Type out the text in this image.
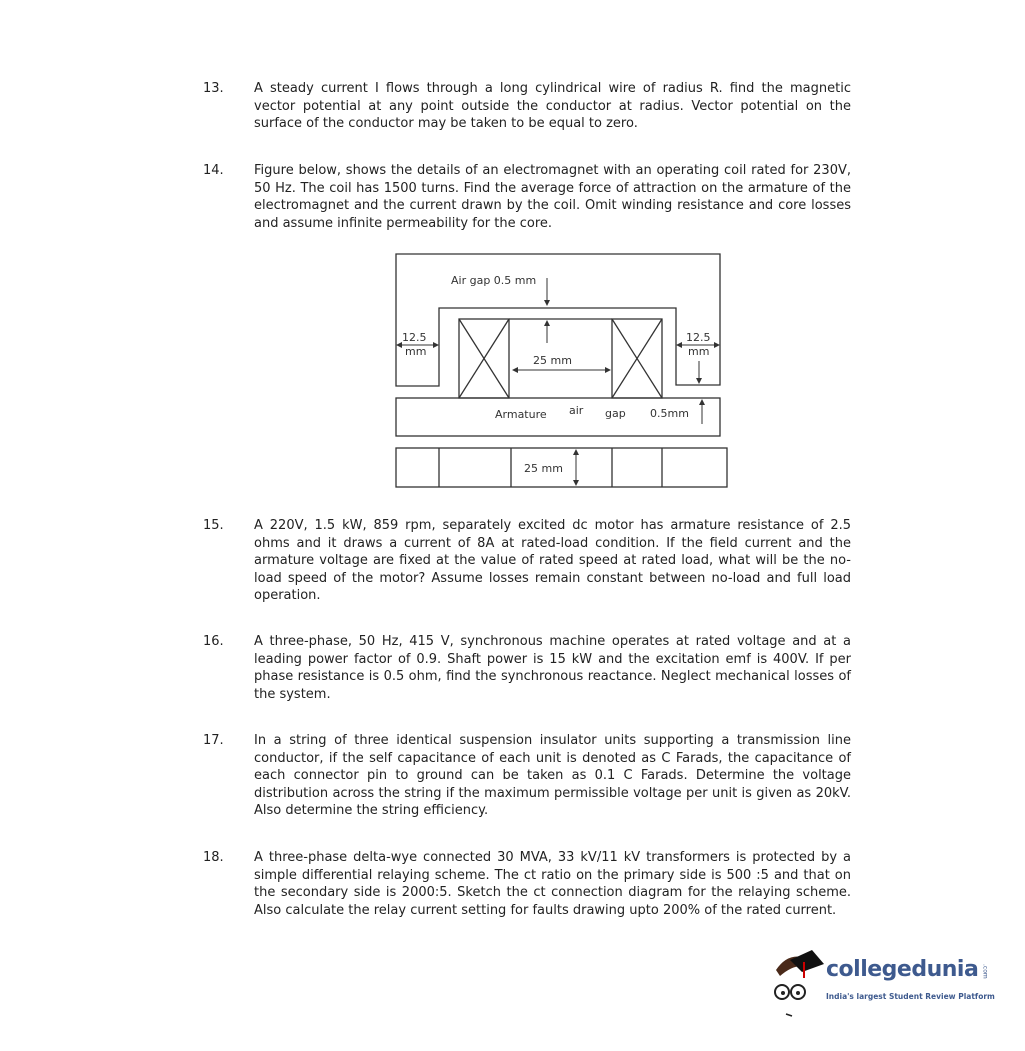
13. A steady current I flows through a long cylindrical wire of radius R. find the magnetic vector potential at any point outside the conductor at radius. Vector potential on the surface of the conductor may be taken to be equal to zero.
14. Figure below, shows the details of an electromagnet with an operating coil rated for 230V, 50 Hz. The coil has 1500 turns. Find the average force of attraction on the armature of the electromagnet and the current drawn by the coil. Omit winding resistance and core losses and assume infinite permeability for the core.
Air gap 0.5 mm
12.5
mm
12.5
mm
25 mm
Armature air gap 0.5mm
25 mm
15. A 220V, 1.5 kW, 859 rpm, separately excited dc motor has armature resistance of 2.5 ohms and it draws a current of 8A at rated-load condition. If the field current and the armature voltage are fixed at the value of rated speed at rated load, what will be the no-load speed of the motor? Assume losses remain constant between no-load and full load operation.
16. A three-phase, 50 Hz, 415 V, synchronous machine operates at rated voltage and at a leading power factor of 0.9. Shaft power is 15 kW and the excitation emf is 400V. If per phase resistance is 0.5 ohm, find the synchronous reactance. Neglect mechanical losses of the system.
17. In a string of three identical suspension insulator units supporting a transmission line conductor, if the self capacitance of each unit is denoted as C Farads, the capacitance of each connector pin to ground can be taken as 0.1 C Farads. Determine the voltage distribution across the string if the maximum permissible voltage per unit is given as 20kV. Also determine the string efficiency.
18. A three-phase delta-wye connected 30 MVA, 33 kV/11 kV transformers is protected by a simple differential relaying scheme. The ct ratio on the primary side is 500 :5 and that on the secondary side is 2000:5. Sketch the ct connection diagram for the relaying scheme. Also calculate the relay current setting for faults drawing upto 200% of the rated current.
collegedunia .com
India's largest Student Review Platform
